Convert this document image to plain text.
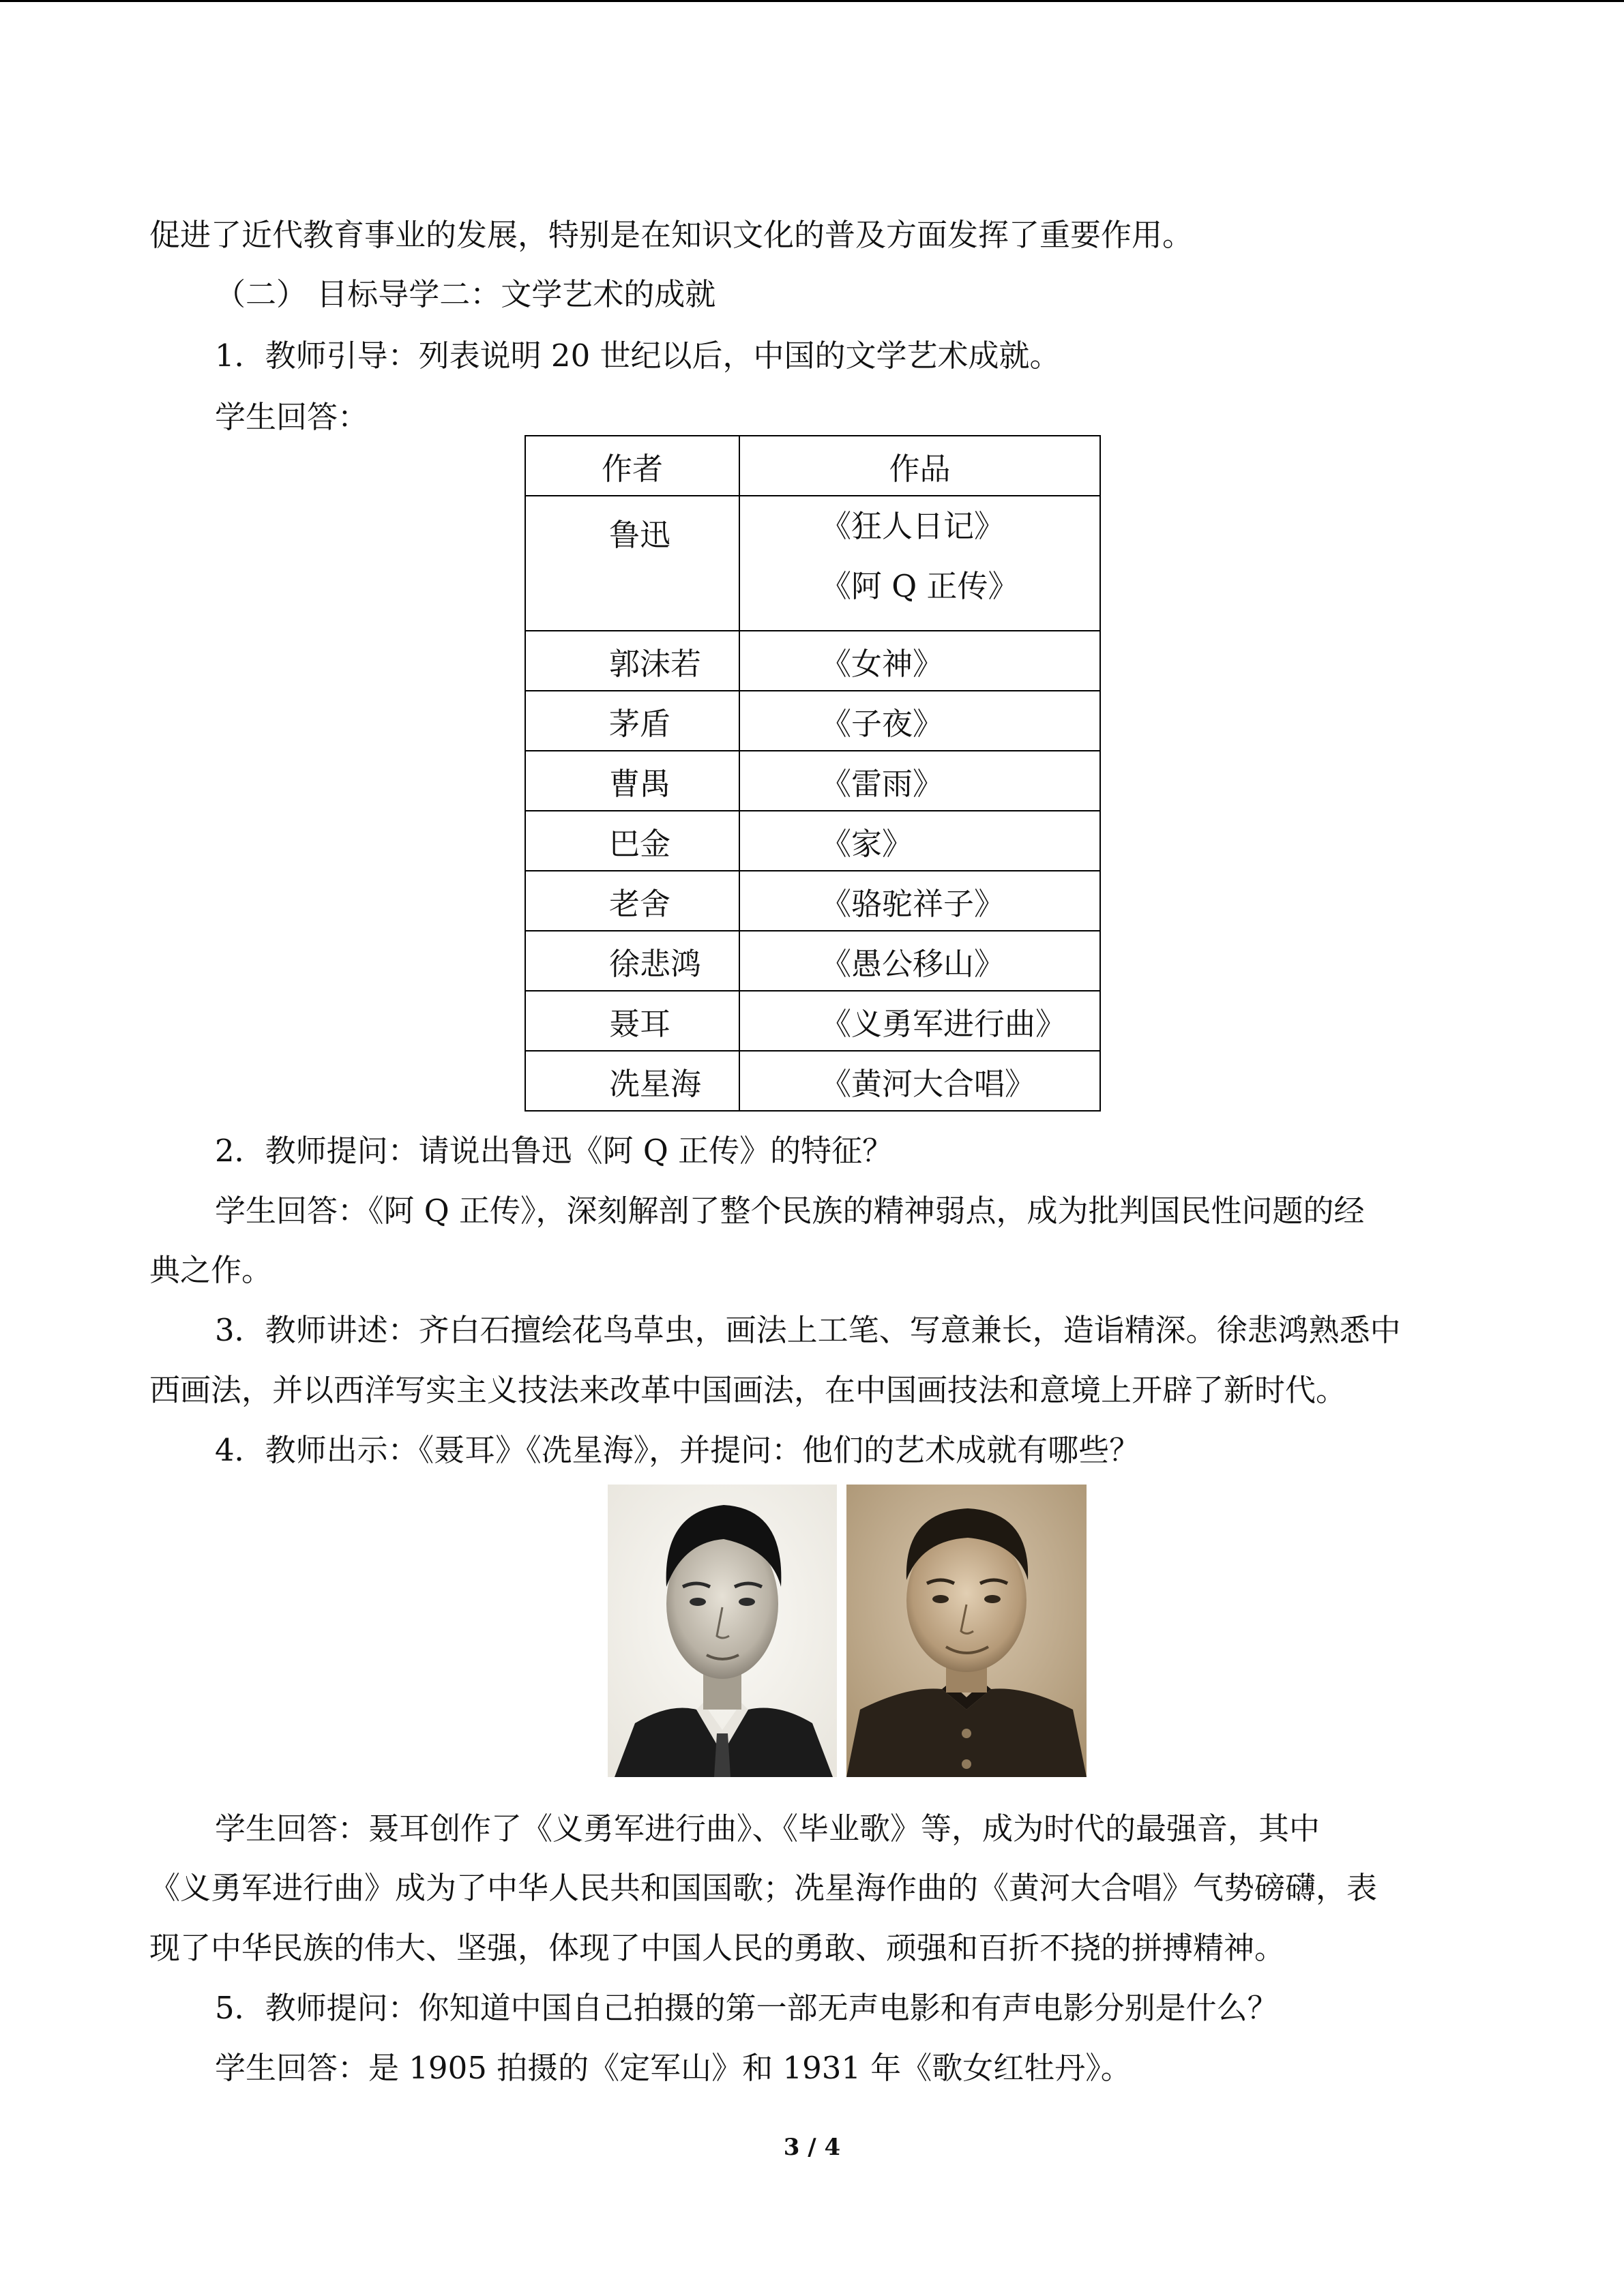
促进了近代教育事业的发展，特别是在知识文化的普及方面发挥了重要作用。
（二） 目标导学二：文学艺术的成就
1．教师引导：列表说明 20 世纪以后，中国的文学艺术成就。
学生回答：
作者	作品
鲁迅	《狂人日记》
《阿 Q 正传》

郭沫若	《女神》
茅盾	《子夜》
曹禺	《雷雨》
巴金	《家》
老舍	《骆驼祥子》
徐悲鸿	《愚公移山》
聂耳	《义勇军进行曲》
冼星海	《黄河大合唱》
2．教师提问：请说出鲁迅《阿 Q 正传》的特征？
学生回答：《阿 Q 正传》，深刻解剖了整个民族的精神弱点，成为批判国民性问题的经
典之作。
3．教师讲述：齐白石擅绘花鸟草虫，画法上工笔、写意兼长，造诣精深。徐悲鸿熟悉中
西画法，并以西洋写实主义技法来改革中国画法，在中国画技法和意境上开辟了新时代。
4．教师出示：《聂耳》《冼星海》，并提问：他们的艺术成就有哪些？
学生回答：聂耳创作了《义勇军进行曲》、《毕业歌》等，成为时代的最强音，其中
《义勇军进行曲》成为了中华人民共和国国歌；冼星海作曲的《黄河大合唱》气势磅礴，表
现了中华民族的伟大、坚强，体现了中国人民的勇敢、顽强和百折不挠的拼搏精神。
5．教师提问：你知道中国自己拍摄的第一部无声电影和有声电影分别是什么？
学生回答：是 1905 拍摄的《定军山》和 1931 年《歌女红牡丹》。
3 / 4
